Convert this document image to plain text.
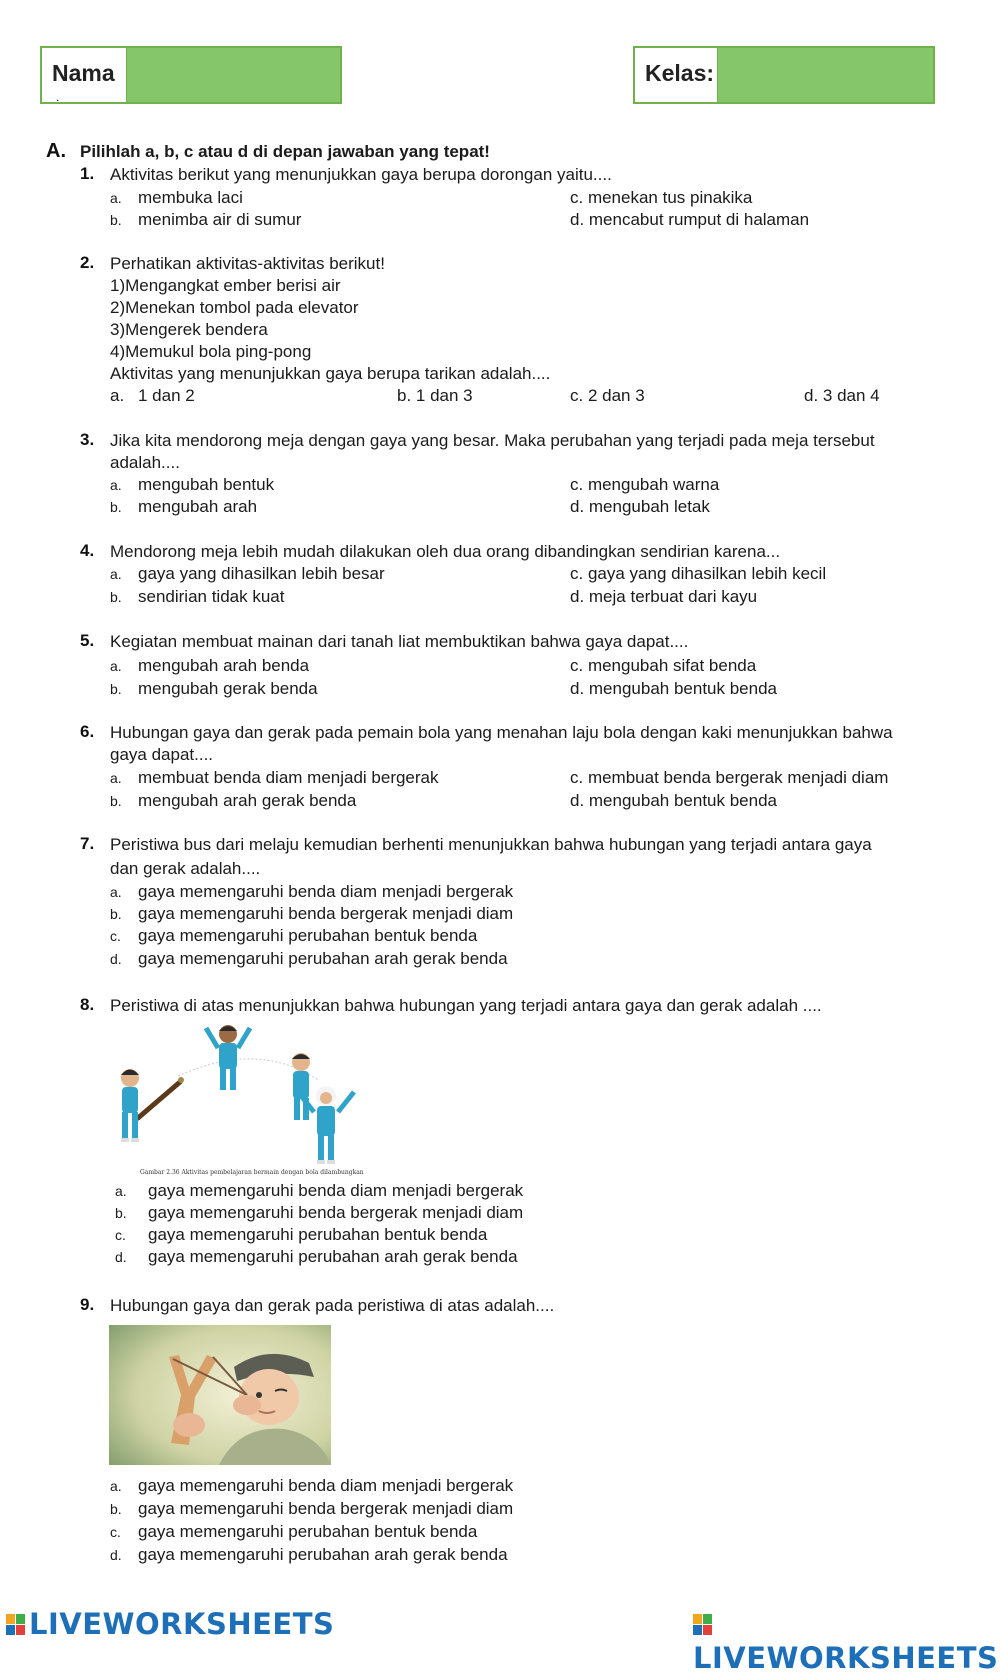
Nama
.
Kelas:
A. Pilihlah a, b, c atau d di depan jawaban yang tepat!
1. Aktivitas berikut yang menunjukkan gaya berupa dorongan yaitu....
a. membuka laci
b. menimba air di sumur
c. menekan tus pinakika
d. mencabut rumput di halaman
2. Perhatikan aktivitas-aktivitas berikut!
1)Mengangkat ember berisi air
2)Menekan tombol pada elevator
3)Mengerek bendera
4)Memukul bola ping-pong
Aktivitas yang menunjukkan gaya berupa tarikan adalah....
a. 1 dan 2	b. 1 dan 3	c. 2 dan 3	d. 3 dan 4
3. Jika kita mendorong meja dengan gaya yang besar. Maka perubahan yang terjadi pada meja tersebut
adalah....
a. mengubah bentuk
b. mengubah arah
c. mengubah warna
d. mengubah letak
4. Mendorong meja lebih mudah dilakukan oleh dua orang dibandingkan sendirian karena...
a. gaya yang dihasilkan lebih besar
b. sendirian tidak kuat
c. gaya yang dihasilkan lebih kecil
d. meja terbuat dari kayu
5. Kegiatan membuat mainan dari tanah liat membuktikan bahwa gaya dapat....
a. mengubah arah benda
b. mengubah gerak benda
c. mengubah sifat benda
d. mengubah bentuk benda
6. Hubungan gaya dan gerak pada pemain bola yang menahan laju bola dengan kaki menunjukkan bahwa
gaya dapat....
a. membuat benda diam menjadi bergerak
b. mengubah arah gerak benda
c. membuat benda bergerak menjadi diam
d. mengubah bentuk benda
7. Peristiwa bus dari melaju kemudian berhenti menunjukkan bahwa hubungan yang terjadi antara gaya
dan gerak adalah....
a. gaya memengaruhi benda diam menjadi bergerak
b. gaya memengaruhi benda bergerak menjadi diam
c. gaya memengaruhi perubahan bentuk benda
d. gaya memengaruhi perubahan arah gerak benda
8. Peristiwa di atas menunjukkan bahwa hubungan yang terjadi antara gaya dan gerak adalah ....
Gambar 2.36 Aktivitas pembelajaran bermain dengan bola dilambungkan
a. gaya memengaruhi benda diam menjadi bergerak
b. gaya memengaruhi benda bergerak menjadi diam
c. gaya memengaruhi perubahan bentuk benda
d. gaya memengaruhi perubahan arah gerak benda
9. Hubungan gaya dan gerak pada peristiwa di atas adalah....
a. gaya memengaruhi benda diam menjadi bergerak
b. gaya memengaruhi benda bergerak menjadi diam
c. gaya memengaruhi perubahan bentuk benda
d. gaya memengaruhi perubahan arah gerak benda
LIVEWORKSHEETS
LIVEWORKSHEETS
